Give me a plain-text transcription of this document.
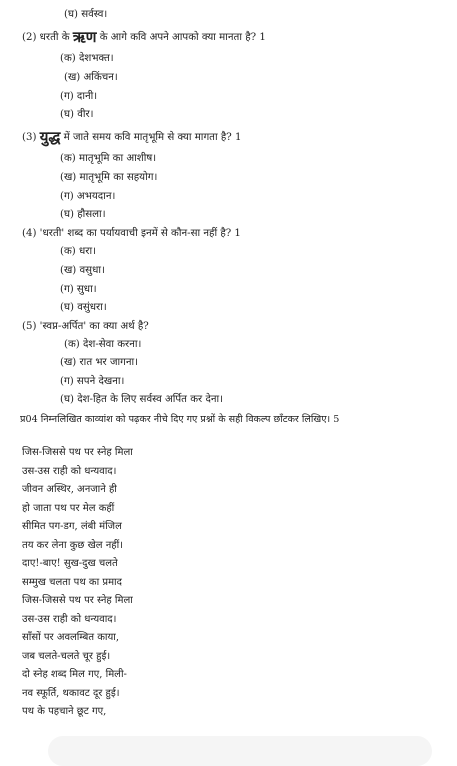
(घ) सर्वस्व।
(2) धरती के ऋण के आगे कवि अपने आपको क्या मानता है? 1
(क) देशभक्त।
(ख) अकिंचन।
(ग) दानी।
(घ) वीर।
(3) युद्ध में जाते समय कवि मातृभूमि से क्या मागता है? 1
(क) मातृभूमि का आशीष।
(ख) मातृभूमि का सहयोग।
(ग) अभयदान।
(घ) हौसला।
(4) 'धरती' शब्द का पर्यायवाची इनमें से कौन-सा नहीं है? 1
(क) धरा।
(ख) वसुधा।
(ग) सुधा।
(घ) वसुंधरा।
(5) 'स्वप्न-अर्पित' का क्या अर्थ है?
(क) देश-सेवा करना।
(ख) रात भर जागना।
(ग) सपने देखना।
(घ) देश-हित के लिए सर्वस्व अर्पित कर देना।
प्र04 निम्नलिखित काव्यांश को पढ़कर नीचे दिए गए प्रश्नों के सही विकल्प छाँटकर लिखिए। 5
जिस-जिससे पथ पर स्नेह मिला
उस-उस राही को धन्यवाद।
जीवन अस्थिर, अनजाने ही
हो जाता पथ पर मेल कहीं
सीमित पग-डग, लंबी मंजिल
तय कर लेना कुछ खेल नहीं।
दाए!-बाए! सुख-दुख चलते
सम्मुख चलता पथ का प्रमाद
जिस-जिससे पथ पर स्नेह मिला
उस-उस राही को धन्यवाद।
साँसों पर अवलम्बित काया,
जब चलते-चलते चूर हुई।
दो स्नेह शब्द मिल गए, मिली-
नव स्फूर्ति, थकावट दूर हुई।
पथ के पहचाने छूट गए,
